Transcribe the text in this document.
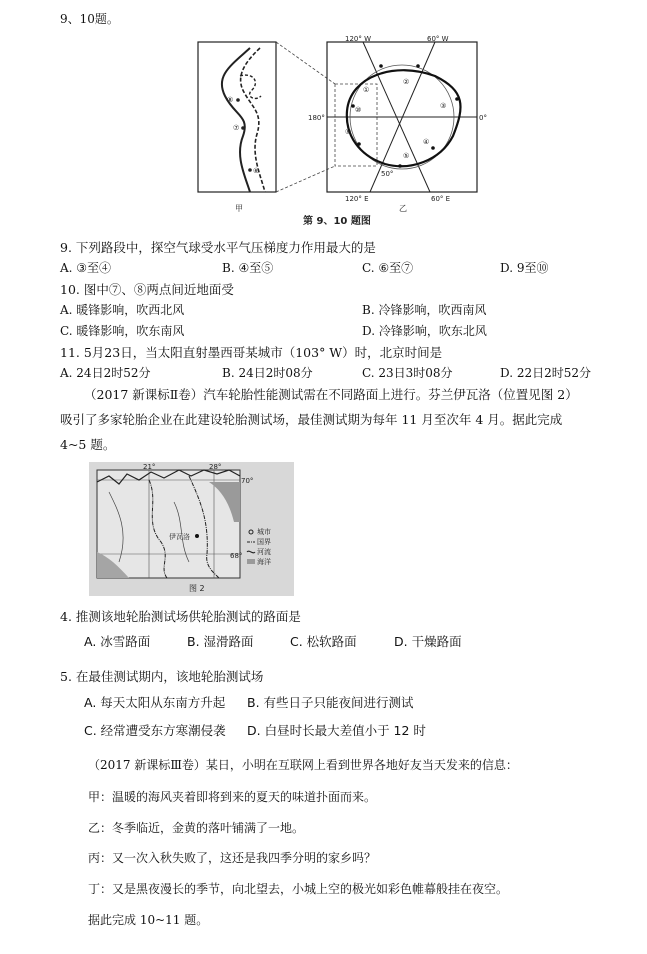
9、10题。
⑧
⑦
⑥
①
②
③
④
⑤
⑨
⑩
120° W	60° W
120° E	60° E
180°	0°
50°
甲	乙
第 9、10 题图
9. 下列路段中，探空气球受水平气压梯度力作用最大的是
A. ③至④	B. ④至⑤	C. ⑥至⑦	D. 9至⑩
10. 图中⑦、⑧两点间近地面受
A. 暖锋影响，吹西北风	B. 冷锋影响，吹西南风
C. 暖锋影响，吹东南风	D. 冷锋影响，吹东北风
11. 5月23日，当太阳直射墨西哥某城市（103° W）时，北京时间是
A. 24日2时52分	B. 24日2时08分	C. 23日3时08分	D. 22日2时52分
（2017 新课标Ⅱ卷）汽车轮胎性能测试需在不同路面上进行。芬兰伊瓦洛（位置见图 2）
吸引了多家轮胎企业在此建设轮胎测试场，最佳测试期为每年 11 月至次年 4 月。据此完成
4~5 题。
伊瓦洛
21°	28°
70°
68°
城市
国界
河流
海洋
图 2
4. 推测该地轮胎测试场供轮胎测试的路面是
A. 冰雪路面	B. 湿滑路面	C. 松软路面	D. 干燥路面
5. 在最佳测试期内，该地轮胎测试场
A. 每天太阳从东南方升起 B. 有些日子只能夜间进行测试
C. 经常遭受东方寒潮侵袭 D. 白昼时长最大差值小于 12 时
（2017 新课标Ⅲ卷）某日，小明在互联网上看到世界各地好友当天发来的信息：
甲：温暖的海风夹着即将到来的夏天的味道扑面而来。
乙：冬季临近，金黄的落叶铺满了一地。
丙：又一次入秋失败了，这还是我四季分明的家乡吗？
丁：又是黑夜漫长的季节，向北望去，小城上空的极光如彩色帷幕般挂在夜空。
据此完成 10~11 题。
